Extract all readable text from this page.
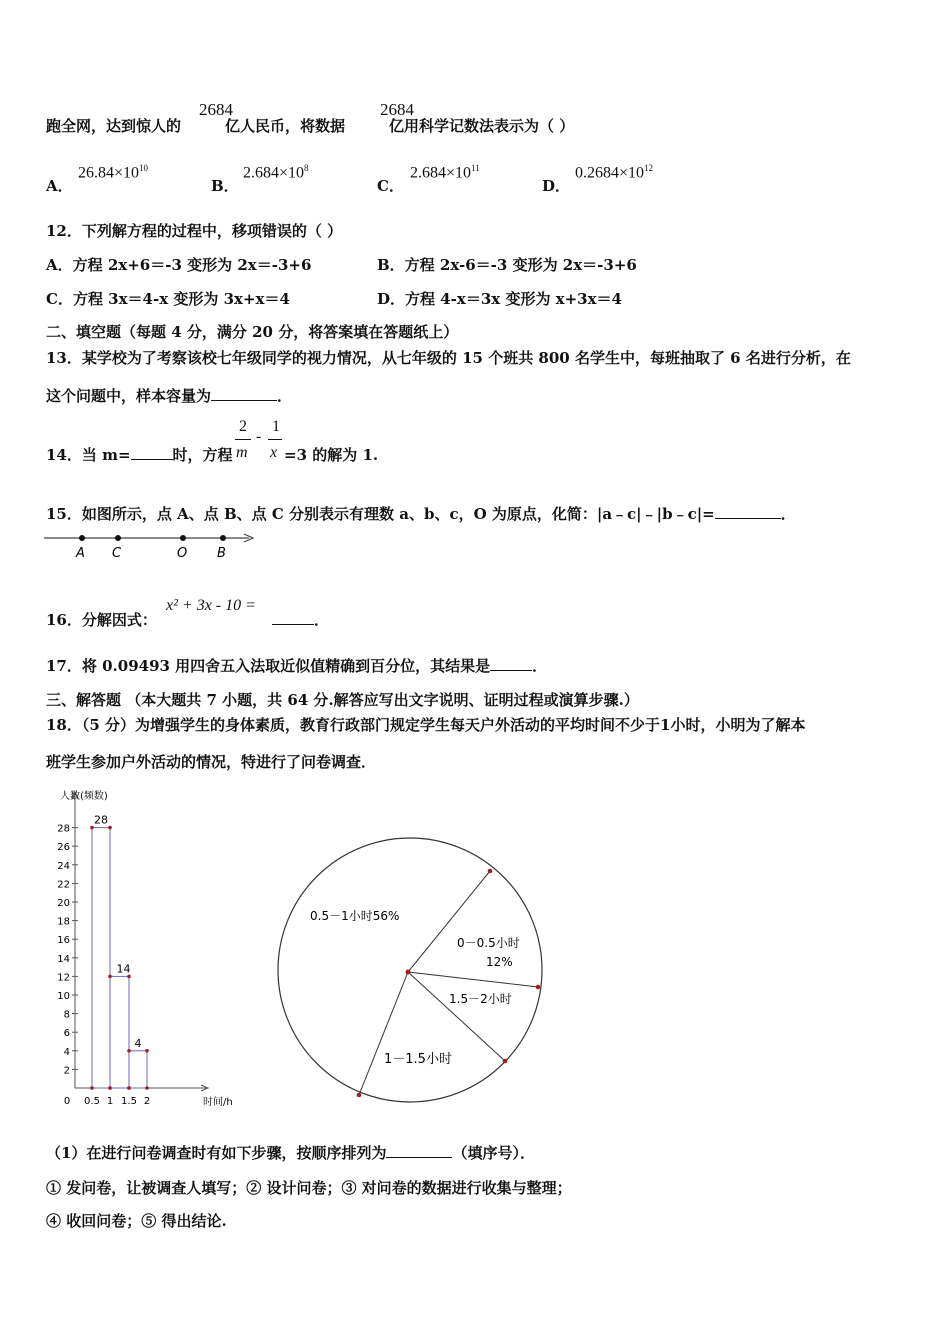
跑全网，达到惊人的	亿人民币，将数据	亿用科学记数法表示为（ ）
2684	2684
A．
$26.84\times 10^{10}$
B．
$2.684\times 10^8$
C．
$2.684\times 10^{11}$
D．
$0.2684\times 10^{12}$
12．下列解方程的过程中，移项错误的（ ）
A．方程 2x+6＝-3 变形为 2x＝-3+6	B．方程 2x-6＝-3 变形为 2x＝-3+6
C．方程 3x＝4-x 变形为 3x+x＝4	D．方程 4-x＝3x 变形为 x+3x＝4
二、填空题（每题 4 分，满分 20 分，将答案填在答题纸上）
13．某学校为了考察该校七年级同学的视力情况，从七年级的 15 个班共 800 名学生中，每班抽取了 6 名进行分析，在
这个问题中，样本容量为	．
14．当 m=	时，方程
2
m
-
1
x =3 的解为 1.
15．如图所示，点 A、点 B、点 C 分别表示有理数 a、b、c，O 为原点，化简：|a﹣c|﹣|b﹣c|=	．
A C	O B
16．分解因式：
x² + 3x - 10 =
．
17．将 0.09493 用四舍五入法取近似值精确到百分位，其结果是	．
三、解答题 （本大题共 7 小题，共 64 分.解答应写出文字说明、证明过程或演算步骤.）
18．（5 分）为增强学生的身体素质，教育行政部门规定学生每天户外活动的平均时间不少于1小时，小明为了解本
班学生参加户外活动的情况，特进行了问卷调查．
人数(频数)
时间/h
2
4
6
8
10
12
14
16
18
20
22
24
26
28
0 0.5 1 1.5 2
28
14
4
0.5－1小时56%
0－0.5小时
12%
1.5－2小时
1－1.5小时
（1）在进行问卷调查时有如下步骤，按顺序排列为	（填序号）．
① 发问卷，让被调查人填写；② 设计问卷；③ 对问卷的数据进行收集与整理；
④ 收回问卷；⑤ 得出结论.
